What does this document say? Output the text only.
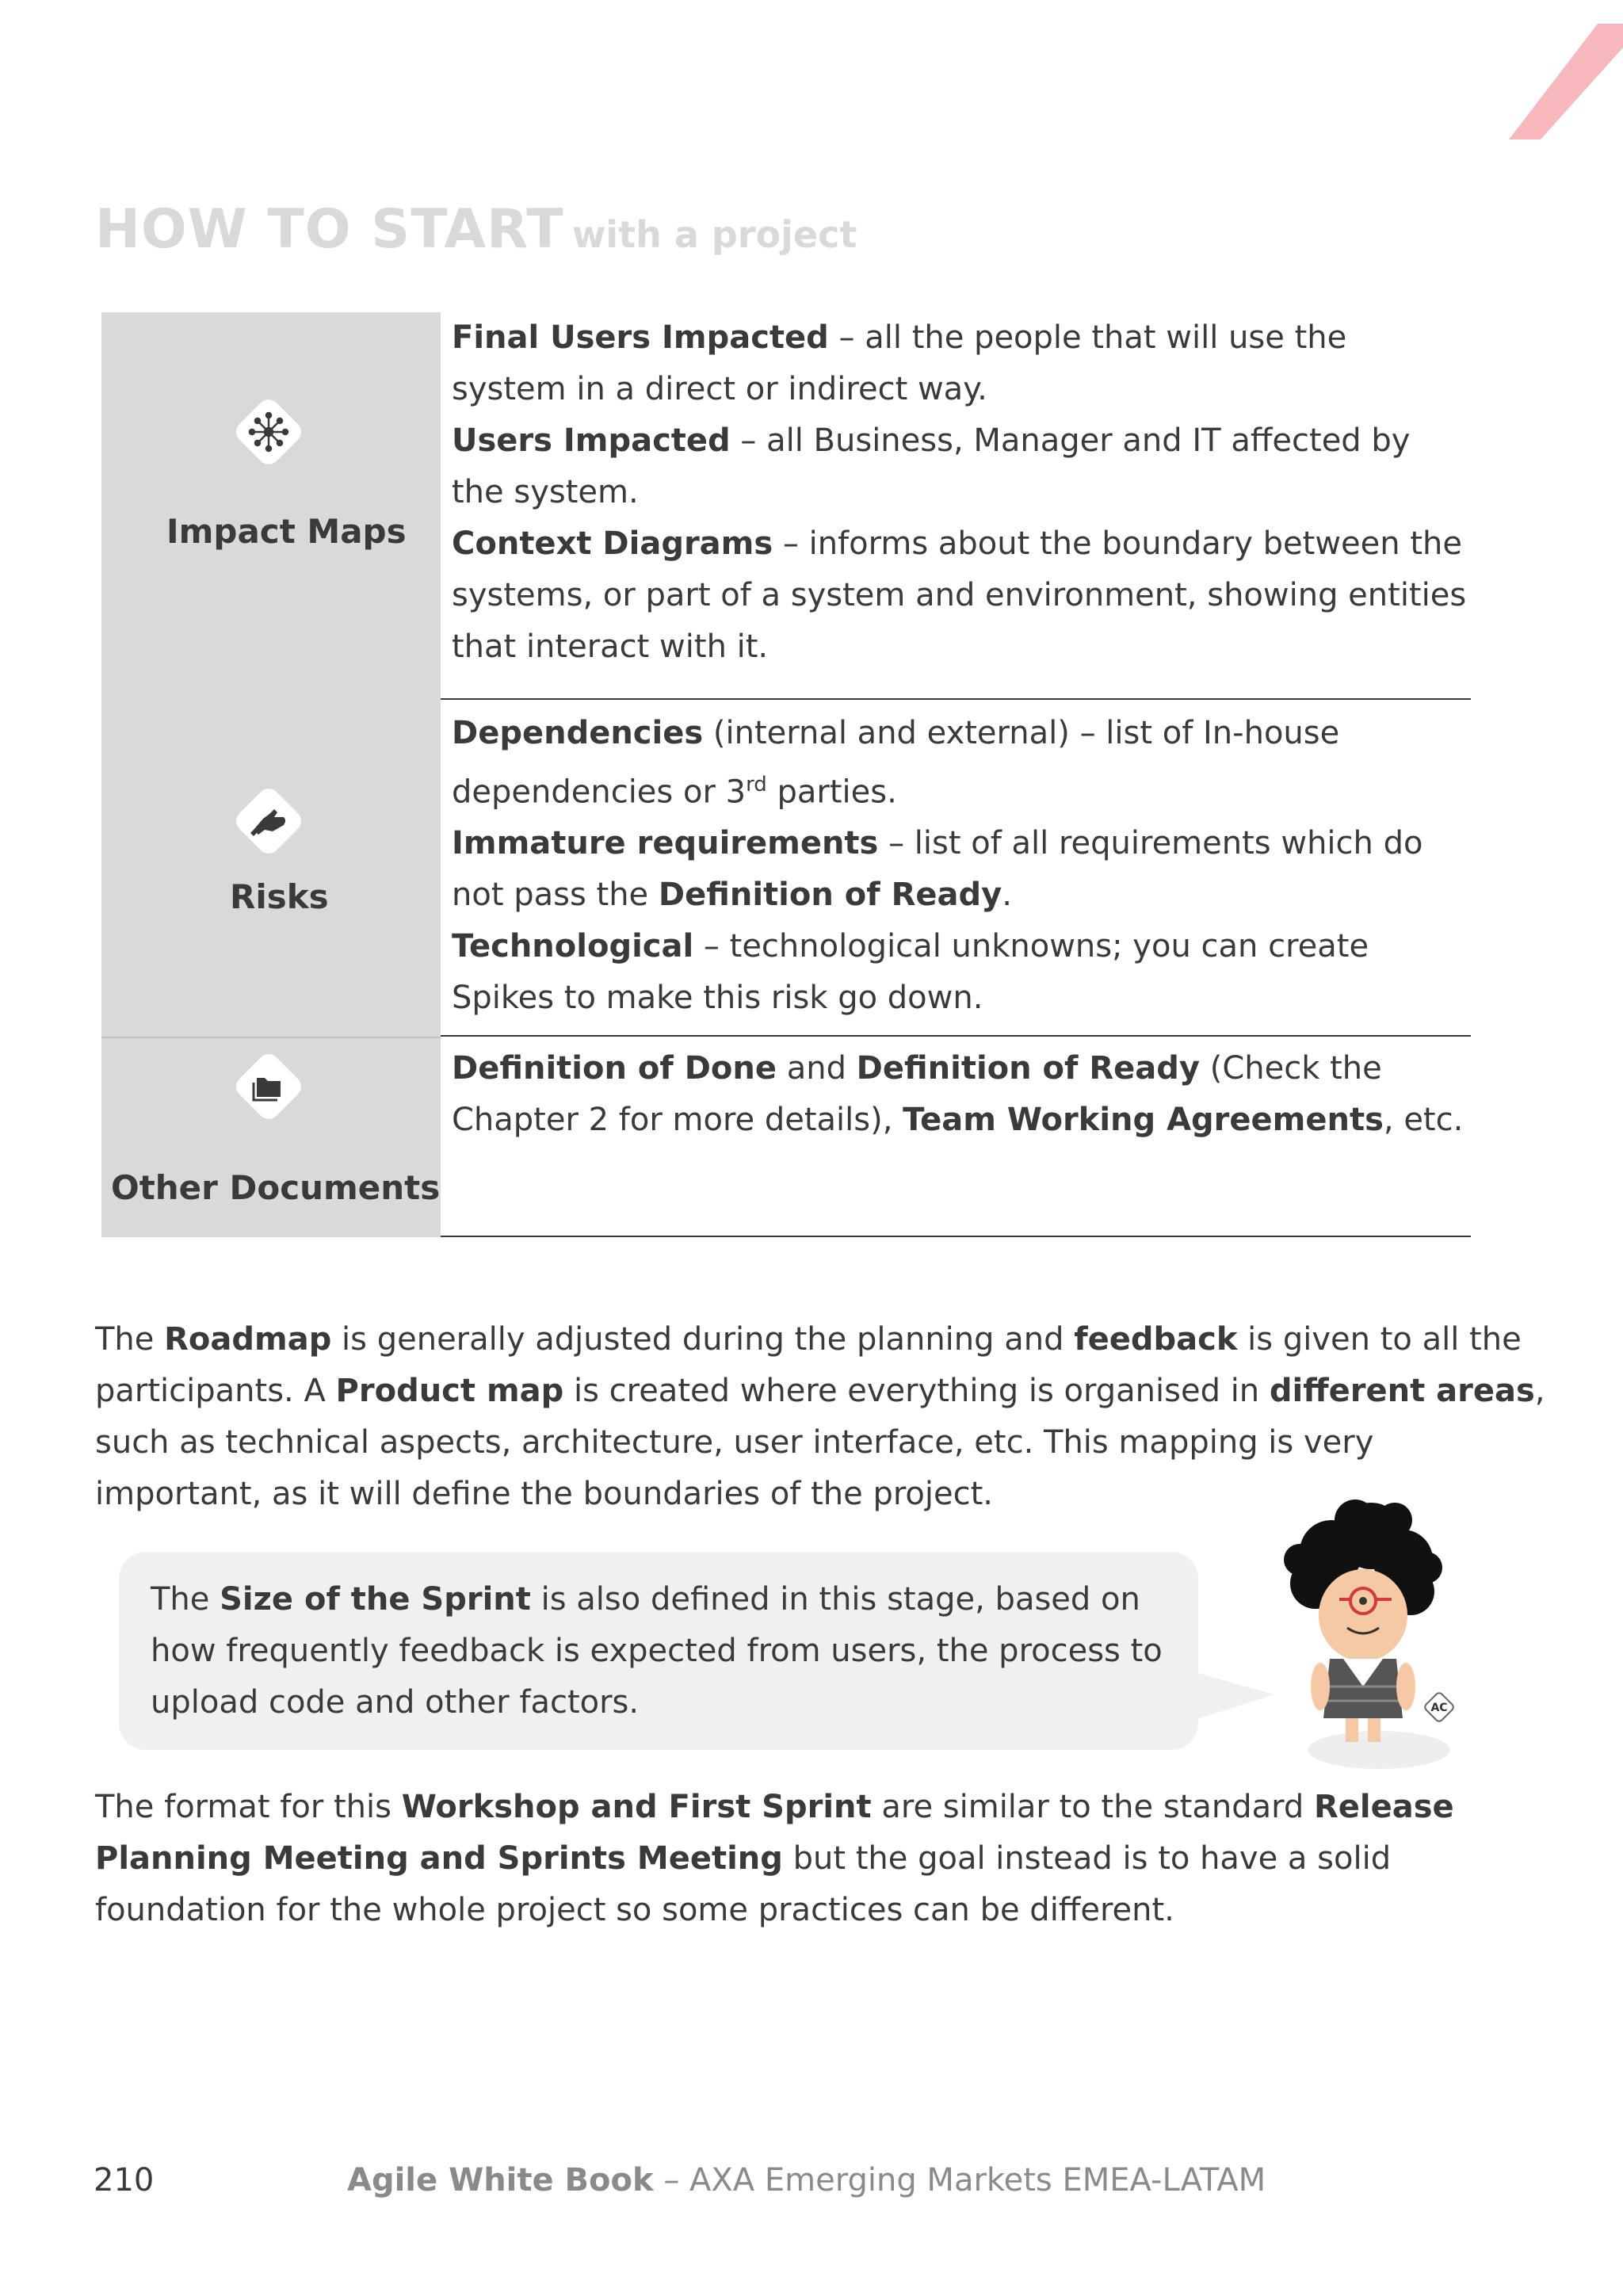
HOW TO START with a project
Impact Maps

Final Users Impacted – all the people that will use the system in a direct or indirect way.

Users Impacted – all Business, Manager and IT affected by the system.

Context Diagrams – informs about the boundary between the systems, or part of a system and environment, showing entities that interact with it.

Risks

Dependencies (internal and external) – list of In-house dependencies or 3rd parties.

Immature requirements – list of all requirements which do not pass the Definition of Ready.

Technological – technological unknowns; you can create Spikes to make this risk go down.

Other Documents

Definition of Done and Definition of Ready (Check the Chapter 2 for more details), Team Working Agreements, etc.

The Roadmap is generally adjusted during the planning and feedback is given to all the participants. A Product map is created where everything is organised in different areas, such as technical aspects, architecture, user interface, etc. This mapping is very important, as it will define the boundaries of the project.

The Size of the Sprint is also defined in this stage, based on how frequently feedback is expected from users, the process to upload code and other factors.	AC

The format for this Workshop and First Sprint are similar to the standard Release Planning Meeting and Sprints Meeting but the goal instead is to have a solid foundation for the whole project so some practices can be different.

210	Agile White Book – AXA Emerging Markets EMEA-LATAM
